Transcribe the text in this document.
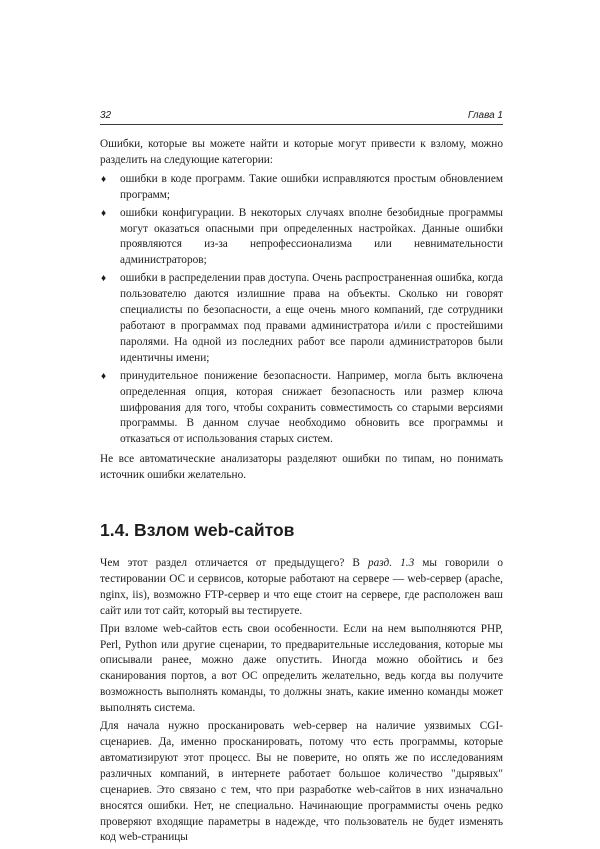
32	Глава 1

Ошибки, которые вы можете найти и которые могут привести к взлому, можно разделить на следующие категории:

♦ ошибки в коде программ. Такие ошибки исправляются простым обновлением программ;
♦ ошибки конфигурации. В некоторых случаях вполне безобидные программы могут оказаться опасными при определенных настройках. Данные ошибки проявляются из-за непрофессионализма или невнимательности администраторов;
♦ ошибки в распределении прав доступа. Очень распространенная ошибка, когда пользователю даются излишние права на объекты. Сколько ни говорят специалисты по безопасности, а еще очень много компаний, где сотрудники работают в программах под правами администратора и/или с простейшими паролями. На одной из последних работ все пароли администраторов были идентичны имени;
♦ принудительное понижение безопасности. Например, могла быть включена определенная опция, которая снижает безопасность или размер ключа шифрования для того, чтобы сохранить совместимость со старыми версиями программы. В данном случае необходимо обновить все программы и отказаться от использования старых систем.

Не все автоматические анализаторы разделяют ошибки по типам, но понимать источник ошибки желательно.

1.4. Взлом web-сайтов

Чем этот раздел отличается от предыдущего? В разд. 1.3 мы говорили о тестировании ОС и сервисов, которые работают на сервере — web-сервер (apache, nginx, iis), возможно FTP-сервер и что еще стоит на сервере, где расположен ваш сайт или тот сайт, который вы тестируете.

При взломе web-сайтов есть свои особенности. Если на нем выполняются PHP, Perl, Python или другие сценарии, то предварительные исследования, которые мы описывали ранее, можно даже опустить. Иногда можно обойтись и без сканирования портов, а вот ОС определить желательно, ведь когда вы получите возможность выполнять команды, то должны знать, какие именно команды может выполнять система.

Для начала нужно просканировать web-сервер на наличие уязвимых CGI-сценариев. Да, именно просканировать, потому что есть программы, которые автоматизируют этот процесс. Вы не поверите, но опять же по исследованиям различных компаний, в интернете работает большое количество "дырявых" сценариев. Это связано с тем, что при разработке web-сайтов в них изначально вносятся ошибки. Нет, не специально. Начинающие программисты очень редко проверяют входящие параметры в надежде, что пользователь не будет изменять код web-страницы
